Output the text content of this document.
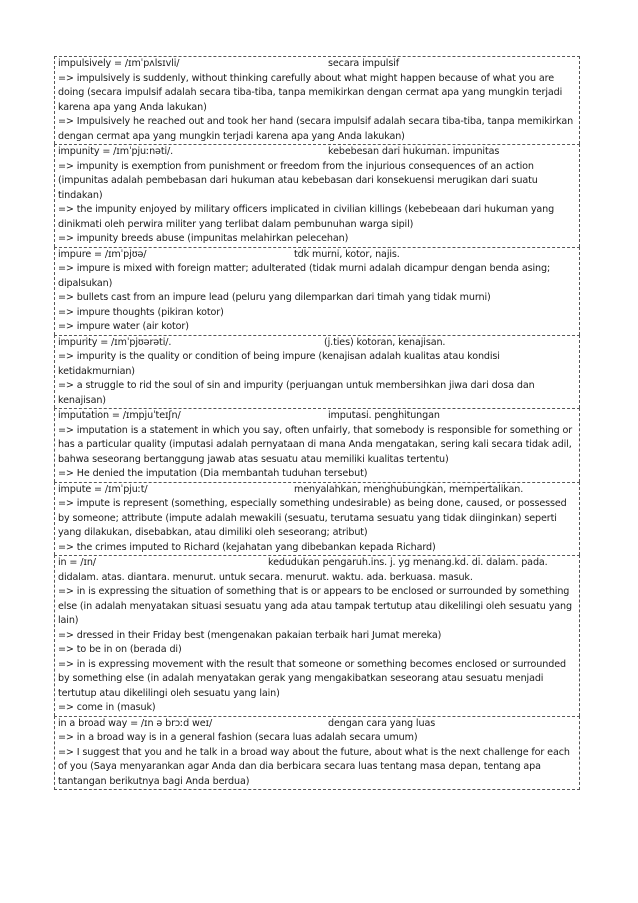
impulsively = /ɪmˈpʌlsɪvli/	secara impulsif
=> impulsively is suddenly, without thinking carefully about what might happen because of what you are doing (secara impulsif adalah secara tiba-tiba, tanpa memikirkan dengan cermat apa yang mungkin terjadi karena apa yang Anda lakukan)
=> Impulsively he reached out and took her hand (secara impulsif adalah secara tiba-tiba, tanpa memikirkan dengan cermat apa yang mungkin terjadi karena apa yang Anda lakukan)
impunity = /ɪmˈpjuːnəti/.	kebebesan dari hukuman. impunitas
=> impunity is exemption from punishment or freedom from the injurious consequences of an action (impunitas adalah pembebasan dari hukuman atau kebebasan dari konsekuensi merugikan dari suatu tindakan)
=> the impunity enjoyed by military officers implicated in civilian killings (kebebeaan dari hukuman yang dinikmati oleh perwira militer yang terlibat dalam pembunuhan warga sipil)
=> impunity breeds abuse (impunitas melahirkan pelecehan)
impure = /ɪmˈpjʊə/	tdk murni, kotor, najis.
=> impure is mixed with foreign matter; adulterated (tidak murni adalah dicampur dengan benda asing; dipalsukan)
=> bullets cast from an impure lead (peluru yang dilemparkan dari timah yang tidak murni)
=> impure thoughts (pikiran kotor)
=> impure water (air kotor)
impurity = /ɪmˈpjʊərəti/.	(j.ties) kotoran, kenajisan.
=> impurity is the quality or condition of being impure (kenajisan adalah kualitas atau kondisi ketidakmurnian)
=> a struggle to rid the soul of sin and impurity (perjuangan untuk membersihkan jiwa dari dosa dan kenajisan)
imputation = /ɪmpjuˈteɪʃn/	imputasi. penghitungan
=> imputation is a statement in which you say, often unfairly, that somebody is responsible for something or has a particular quality (imputasi adalah pernyataan di mana Anda mengatakan, sering kali secara tidak adil, bahwa seseorang bertanggung jawab atas sesuatu atau memiliki kualitas tertentu)
=> He denied the imputation (Dia membantah tuduhan tersebut)
impute = /ɪmˈpjuːt/	menyalahkan, menghubungkan, mempertalikan.
=> impute is represent (something, especially something undesirable) as being done, caused, or possessed by someone; attribute (imputе adalah mewakili (sesuatu, terutama sesuatu yang tidak diinginkan) seperti yang dilakukan, disebabkan, atau dimiliki oleh seseorang; atribut)
=> the crimes imputed to Richard (kejahatan yang dibebankan kepada Richard)
in = /ɪn/	kedudukan pengaruh.ins. j. yg menang.kd. di. dalam. pada.
didalam. atas. diantara. menurut. untuk secara. menurut. waktu. ada. berkuasa. masuk.
=> in is expressing the situation of something that is or appears to be enclosed or surrounded by something else (in adalah menyatakan situasi sesuatu yang ada atau tampak tertutup atau dikelilingi oleh sesuatu yang lain)
=> dressed in their Friday best (mengenakan pakaian terbaik hari Jumat mereka)
=> to be in on (berada di)
=> in is expressing movement with the result that someone or something becomes enclosed or surrounded by something else (in adalah menyatakan gerak yang mengakibatkan seseorang atau sesuatu menjadi tertutup atau dikelilingi oleh sesuatu yang lain)
=> come in (masuk)
in a broad way = /ɪn ə brɔːd weɪ/	dengan cara yang luas
=> in a broad way is in a general fashion (secara luas adalah secara umum)
=> I suggest that you and he talk in a broad way about the future, about what is the next challenge for each of you (Saya menyarankan agar Anda dan dia berbicara secara luas tentang masa depan, tentang apa tantangan berikutnya bagi Anda berdua)
